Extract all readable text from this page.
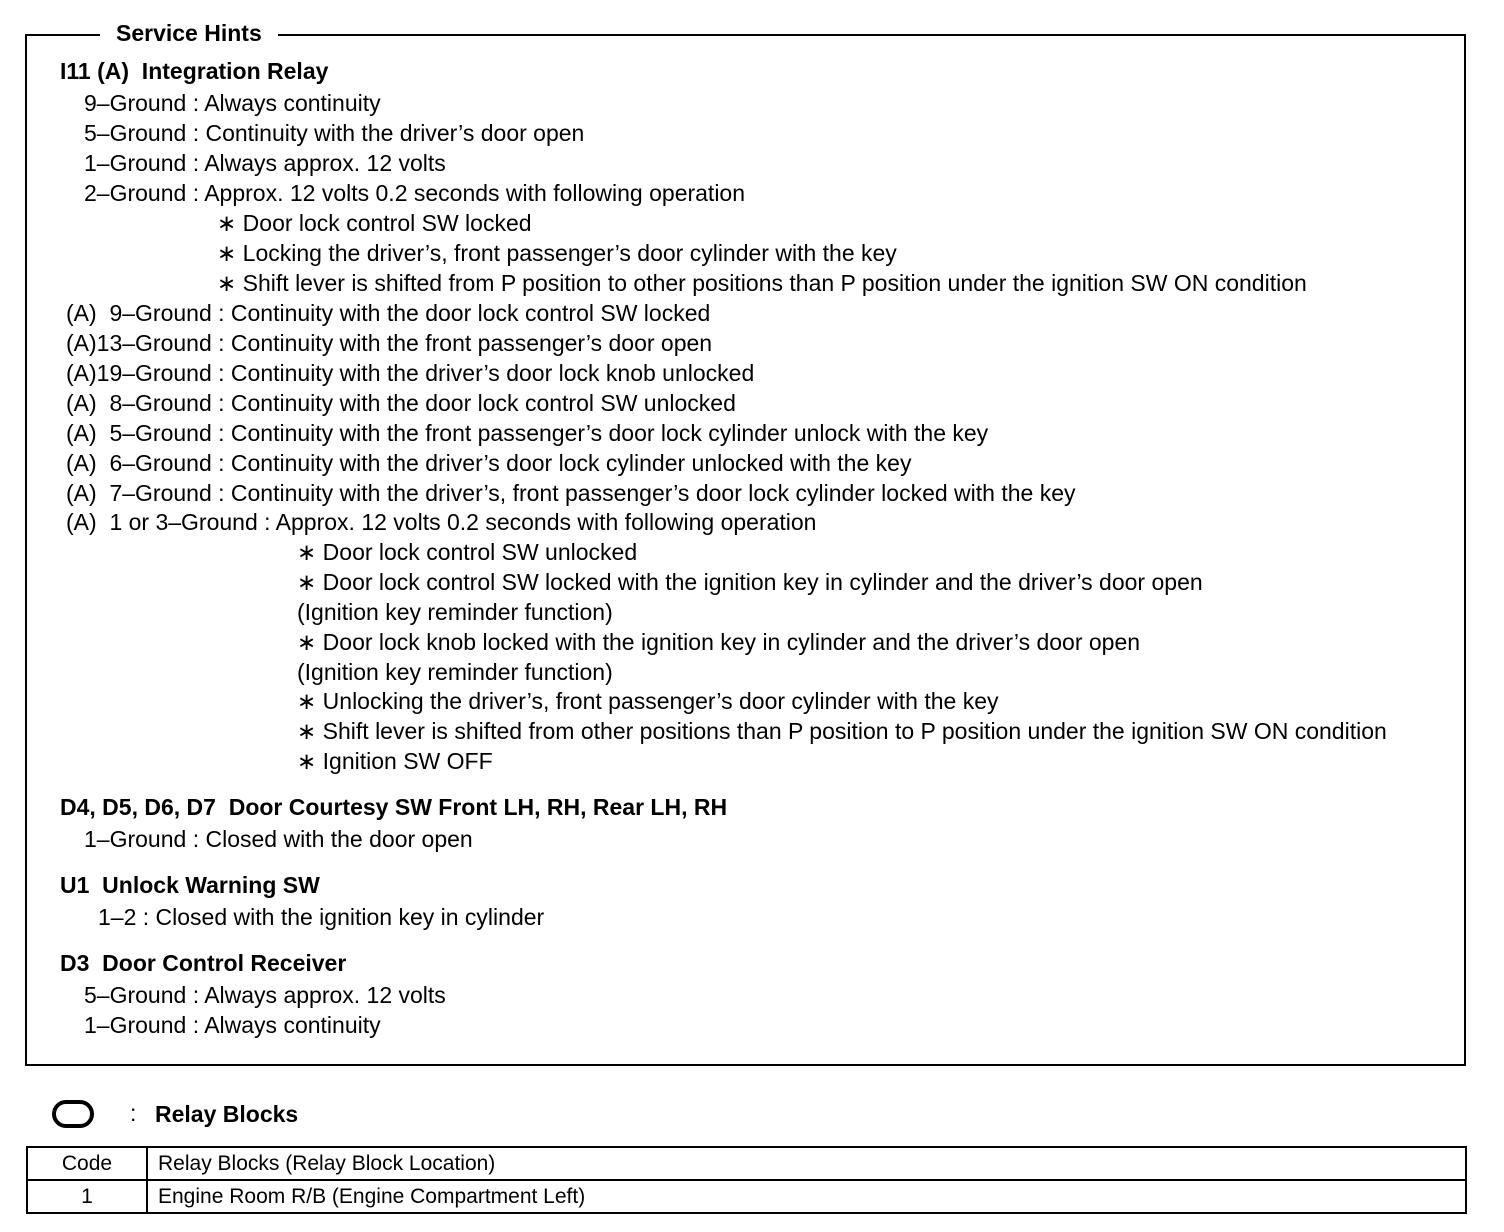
Service Hints
I11 (A)  Integration Relay
9–Ground : Always continuity
5–Ground : Continuity with the driver’s door open
1–Ground : Always approx. 12 volts
2–Ground : Approx. 12 volts 0.2 seconds with following operation
∗ Door lock control SW locked
∗ Locking the driver’s, front passenger’s door cylinder with the key
∗ Shift lever is shifted from P position to other positions than P position under the ignition SW ON condition
(A)  9–Ground : Continuity with the door lock control SW locked
(A)13–Ground : Continuity with the front passenger’s door open
(A)19–Ground : Continuity with the driver’s door lock knob unlocked
(A)  8–Ground : Continuity with the door lock control SW unlocked
(A)  5–Ground : Continuity with the front passenger’s door lock cylinder unlock with the key
(A)  6–Ground : Continuity with the driver’s door lock cylinder unlocked with the key
(A)  7–Ground : Continuity with the driver’s, front passenger’s door lock cylinder locked with the key
(A)  1 or 3–Ground : Approx. 12 volts 0.2 seconds with following operation
∗ Door lock control SW unlocked
∗ Door lock control SW locked with the ignition key in cylinder and the driver’s door open
(Ignition key reminder function)
∗ Door lock knob locked with the ignition key in cylinder and the driver’s door open
(Ignition key reminder function)
∗ Unlocking the driver’s, front passenger’s door cylinder with the key
∗ Shift lever is shifted from other positions than P position to P position under the ignition SW ON condition
∗ Ignition SW OFF
D4, D5, D6, D7  Door Courtesy SW Front LH, RH, Rear LH, RH
1–Ground : Closed with the door open
U1  Unlock Warning SW
1–2 : Closed with the ignition key in cylinder
D3  Door Control Receiver
5–Ground : Always approx. 12 volts
1–Ground : Always continuity
: Relay Blocks
Code	Relay Blocks (Relay Block Location)
1	Engine Room R/B (Engine Compartment Left)
